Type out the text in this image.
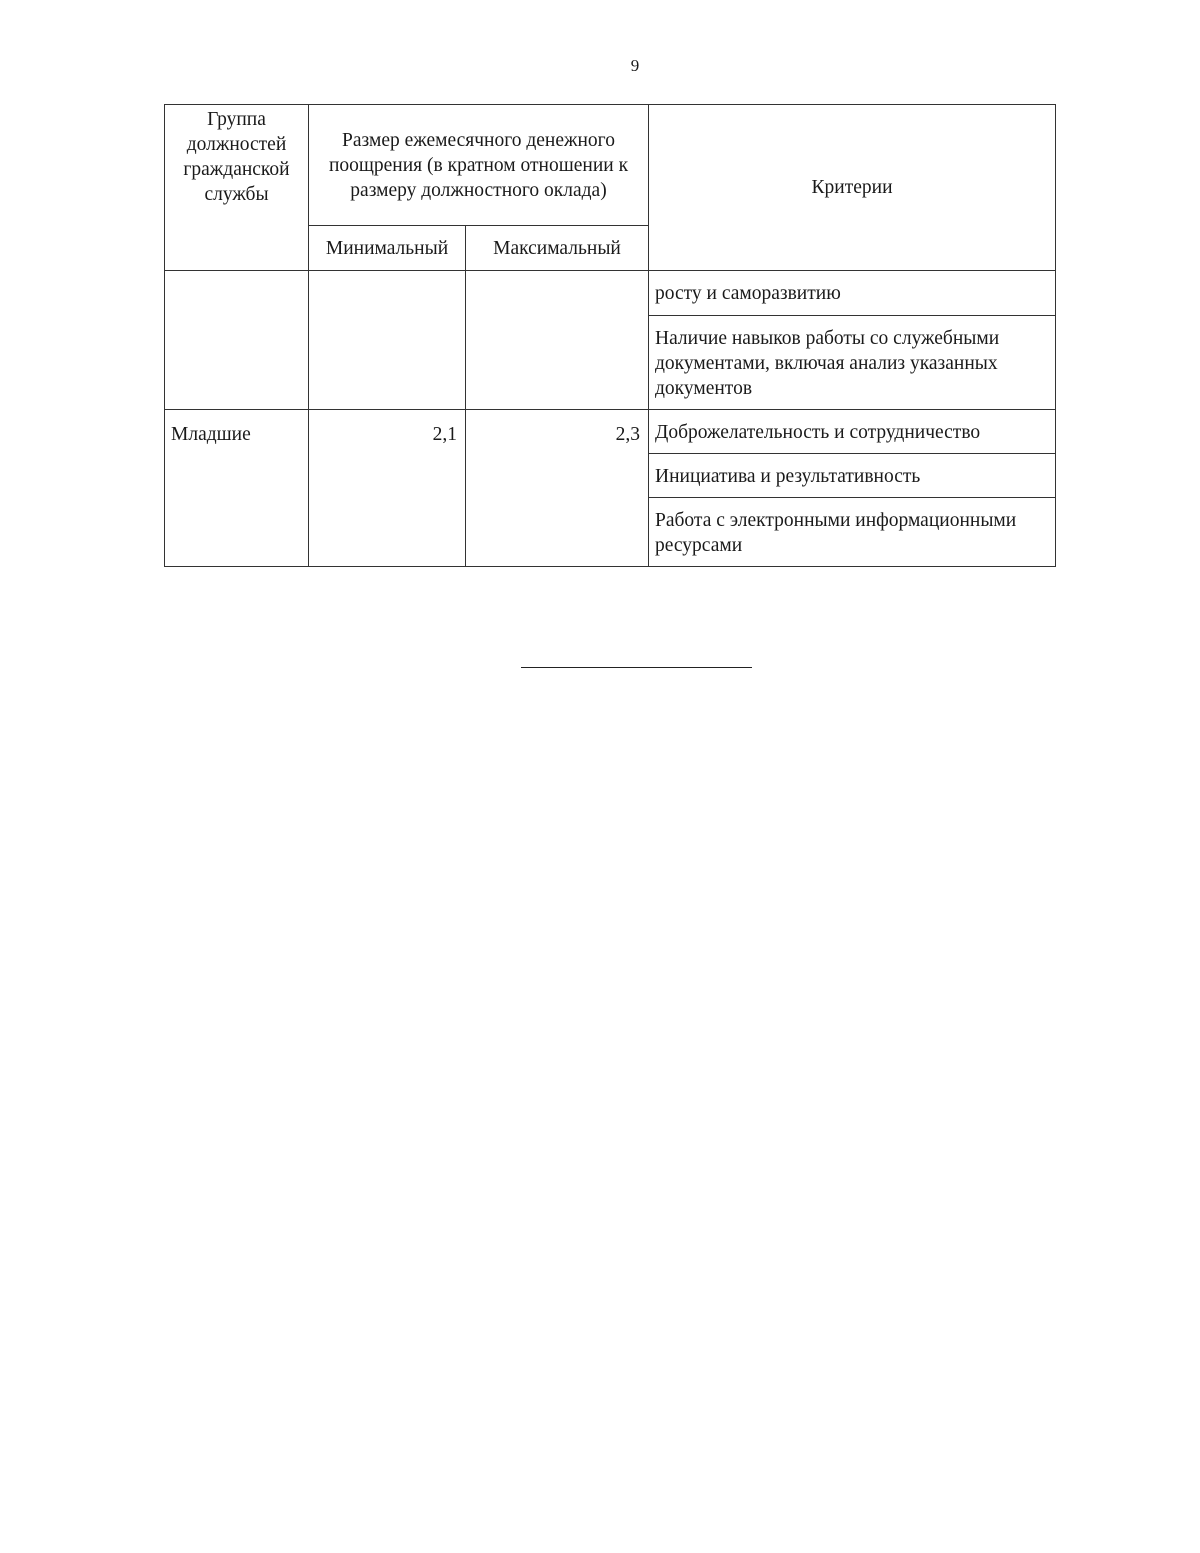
9
Группа
должностей
гражданской
службы	Размер ежемесячного денежного поощрения (в кратном отношении к размеру должностного оклада)		Критерии
	Минимальный	Максимальный	
			росту и саморазвитию
			Наличие навыков работы со служебными документами, включая анализ указанных документов
Младшие	2,1	2,3	Доброжелательность и сотрудничество
			Инициатива и результативность
			Работа с электронными информационными ресурсами
